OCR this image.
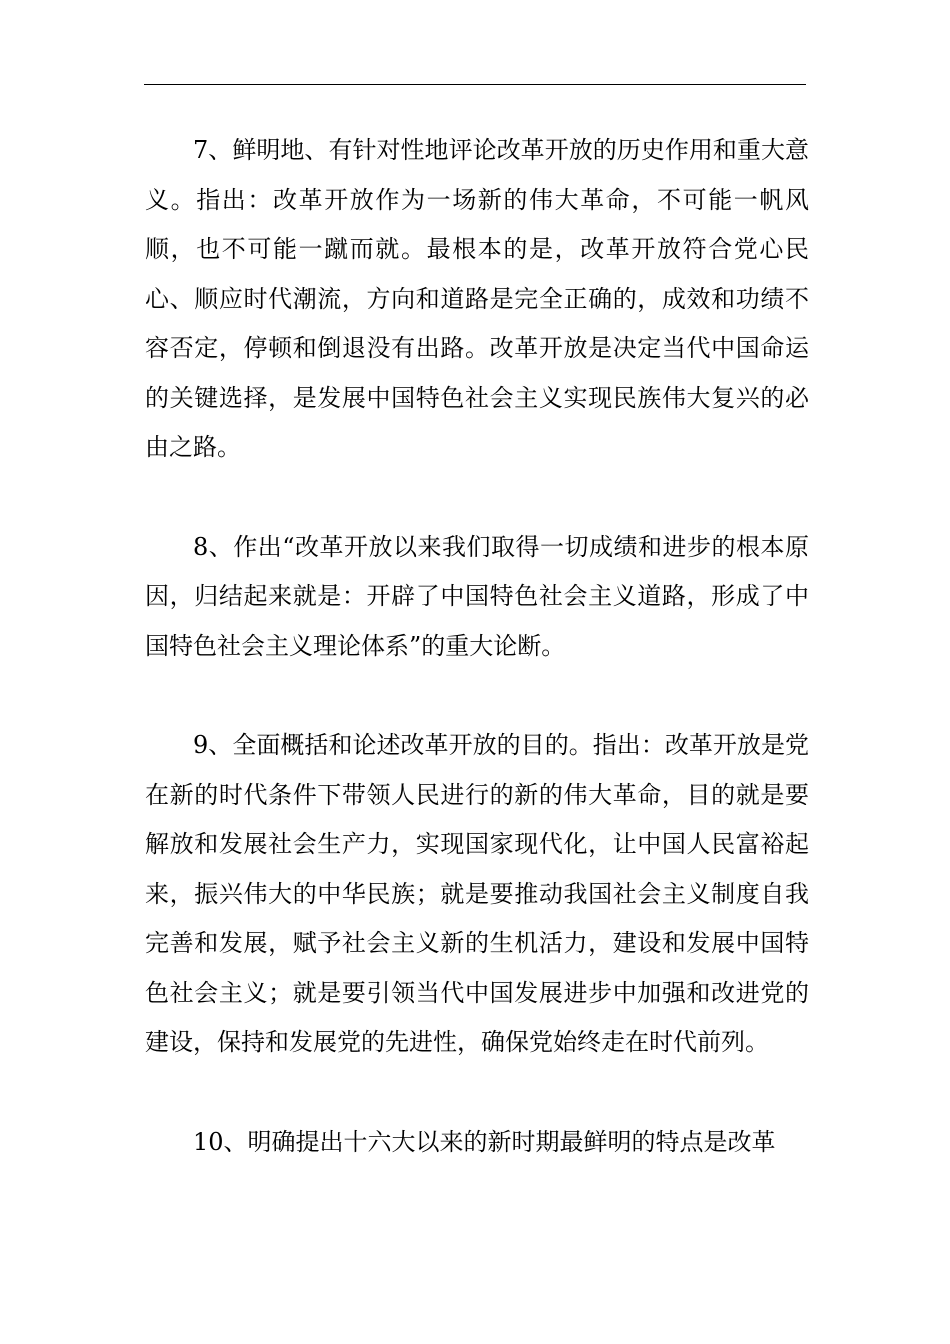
7、鲜明地、有针对性地评论改革开放的历史作用和重大意义。指出：改革开放作为一场新的伟大革命，不可能一帆风顺，也不可能一蹴而就。最根本的是，改革开放符合党心民心、顺应时代潮流，方向和道路是完全正确的，成效和功绩不容否定，停顿和倒退没有出路。改革开放是决定当代中国命运的关键选择，是发展中国特色社会主义实现民族伟大复兴的必由之路。

8、作出“改革开放以来我们取得一切成绩和进步的根本原因，归结起来就是：开辟了中国特色社会主义道路，形成了中国特色社会主义理论体系”的重大论断。

9、全面概括和论述改革开放的目的。指出：改革开放是党在新的时代条件下带领人民进行的新的伟大革命，目的就是要解放和发展社会生产力，实现国家现代化，让中国人民富裕起来，振兴伟大的中华民族；就是要推动我国社会主义制度自我完善和发展，赋予社会主义新的生机活力，建设和发展中国特色社会主义；就是要引领当代中国发展进步中加强和改进党的建设，保持和发展党的先进性，确保党始终走在时代前列。

10、明确提出十六大以来的新时期最鲜明的特点是改革
